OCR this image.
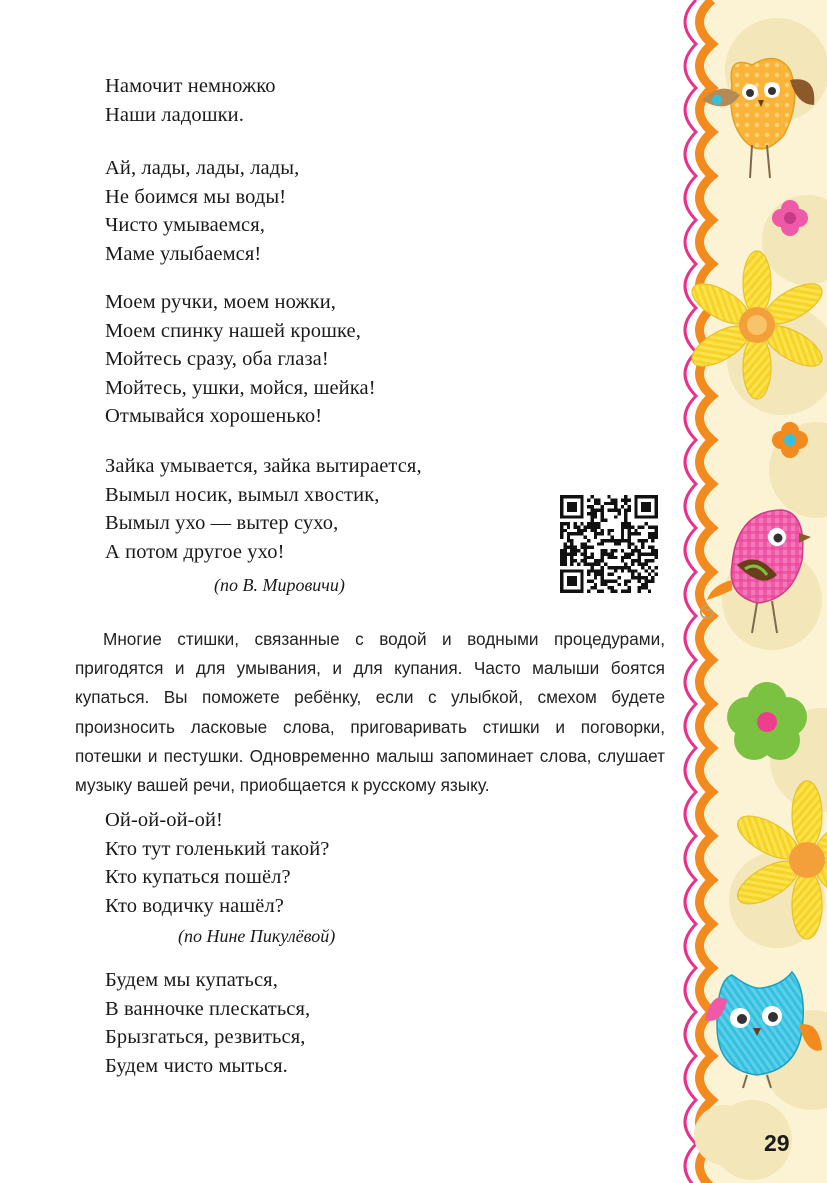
Намочит немножко
Наши ладошки.
Ай, лады, лады, лады,
Не боимся мы воды!
Чисто умываемся,
Маме улыбаемся!
Моем ручки, моем ножки,
Моем спинку нашей крошке,
Мойтесь сразу, оба глаза!
Мойтесь, ушки, мойся, шейка!
Отмывайся хорошенько!
Зайка умывается, зайка вытирается,
Вымыл носик, вымыл хвостик,
Вымыл ухо — вытер сухо,
А потом другое ухо!
(по В. Мировичи)

Многие стишки, связанные с водой и водными процедурами, пригодятся и для умывания, и для купания. Часто малыши боятся купаться. Вы поможете ребёнку, если с улыбкой, смехом будете произносить ласковые слова, приговаривать стишки и поговорки, потешки и пестушки. Одновременно малыш запоминает слова, слушает музыку вашей речи, приобщается к русскому языку.

Ой-ой-ой-ой!
Кто тут голенький такой?
Кто купаться пошёл?
Кто водичку нашёл?
(по Нине Пикулёвой)
Будем мы купаться,
В ванночке плескаться,
Брызгаться, резвиться,
Будем чисто мыться.
29
